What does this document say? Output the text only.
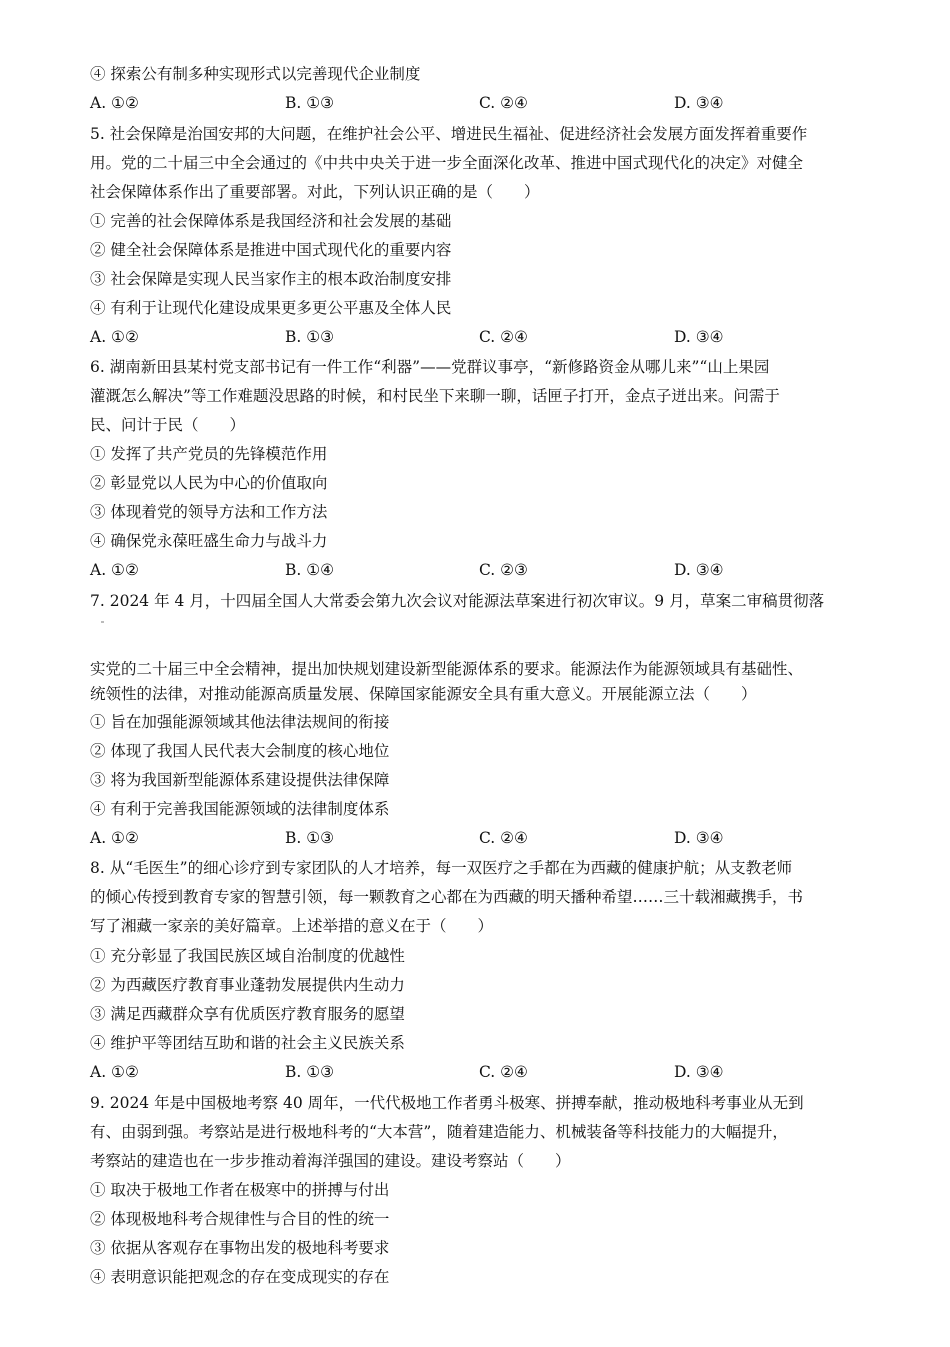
④ 探索公有制多种实现形式以完善现代企业制度
A. ①②	B. ①③	C. ②④	D. ③④
5. 社会保障是治国安邦的大问题，在维护社会公平、增进民生福祉、促进经济社会发展方面发挥着重要作
用。党的二十届三中全会通过的《中共中央关于进一步全面深化改革、推进中国式现代化的决定》对健全
社会保障体系作出了重要部署。对此，下列认识正确的是（　　）
① 完善的社会保障体系是我国经济和社会发展的基础
② 健全社会保障体系是推进中国式现代化的重要内容
③ 社会保障是实现人民当家作主的根本政治制度安排
④ 有利于让现代化建设成果更多更公平惠及全体人民
A. ①②	B. ①③	C. ②④	D. ③④
6. 湖南新田县某村党支部书记有一件工作“利器”——党群议事亭，“新修路资金从哪儿来”“山上果园
灌溉怎么解决”等工作难题没思路的时候，和村民坐下来聊一聊，话匣子打开，金点子迸出来。问需于
民、问计于民（　　）
① 发挥了共产党员的先锋模范作用
② 彰显党以人民为中心的价值取向
③ 体现着党的领导方法和工作方法
④ 确保党永葆旺盛生命力与战斗力
A. ①②	B. ①④	C. ②③	D. ③④
7. 2024 年 4 月，十四届全国人大常委会第九次会议对能源法草案进行初次审议。9 月，草案二审稿贯彻落
实党的二十届三中全会精神，提出加快规划建设新型能源体系的要求。能源法作为能源领域具有基础性、
统领性的法律，对推动能源高质量发展、保障国家能源安全具有重大意义。开展能源立法（　　）
① 旨在加强能源领域其他法律法规间的衔接
② 体现了我国人民代表大会制度的核心地位
③ 将为我国新型能源体系建设提供法律保障
④ 有利于完善我国能源领域的法律制度体系
A. ①②	B. ①③	C. ②④	D. ③④
8. 从“毛医生”的细心诊疗到专家团队的人才培养，每一双医疗之手都在为西藏的健康护航；从支教老师
的倾心传授到教育专家的智慧引领，每一颗教育之心都在为西藏的明天播种希望……三十载湘藏携手，书
写了湘藏一家亲的美好篇章。上述举措的意义在于（　　）
① 充分彰显了我国民族区域自治制度的优越性
② 为西藏医疗教育事业蓬勃发展提供内生动力
③ 满足西藏群众享有优质医疗教育服务的愿望
④ 维护平等团结互助和谐的社会主义民族关系
A. ①②	B. ①③	C. ②④	D. ③④
9. 2024 年是中国极地考察 40 周年，一代代极地工作者勇斗极寒、拼搏奉献，推动极地科考事业从无到
有、由弱到强。考察站是进行极地科考的“大本营”，随着建造能力、机械装备等科技能力的大幅提升，
考察站的建造也在一步步推动着海洋强国的建设。建设考察站（　　）
① 取决于极地工作者在极寒中的拼搏与付出
② 体现极地科考合规律性与合目的性的统一
③ 依据从客观存在事物出发的极地科考要求
④ 表明意识能把观念的存在变成现实的存在
